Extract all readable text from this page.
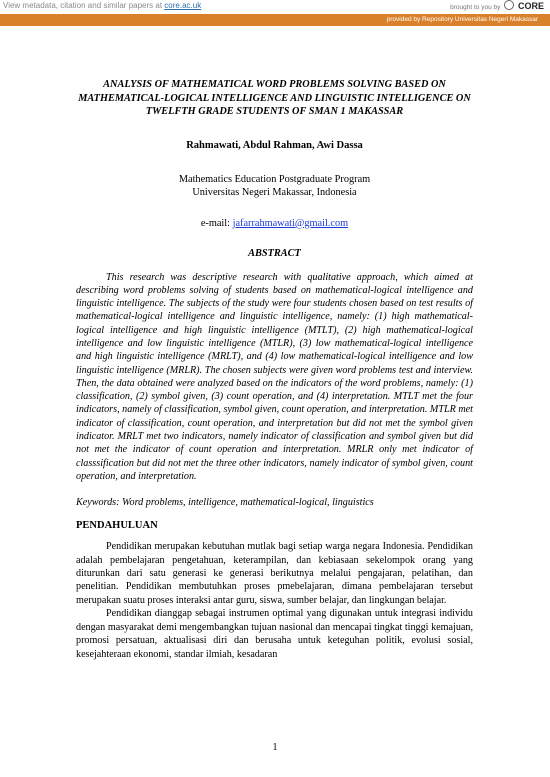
View metadata, citation and similar papers at core.ac.uk	brought to you by CORE
provided by Repository Universitas Negeri Makassar

ANALYSIS OF MATHEMATICAL WORD PROBLEMS SOLVING BASED ON MATHEMATICAL-LOGICAL INTELLIGENCE AND LINGUISTIC INTELLIGENCE ON TWELFTH GRADE STUDENTS OF SMAN 1 MAKASSAR

Rahmawati, Abdul Rahman, Awi Dassa
Mathematics Education Postgraduate Program
Universitas Negeri Makassar, Indonesia
e-mail: jafarrahmawati@gmail.com
ABSTRACT
This research was descriptive research with qualitative approach, which aimed at describing word problems solving of students based on mathematical-logical intelligence and linguistic intelligence. The subjects of the study were four students chosen based on test results of mathematical-logical intelligence and linguistic intelligence, namely: (1) high mathematical-logical intelligence and high linguistic intelligence (MTLT), (2) high mathematical-logical intelligence and low linguistic intelligence (MTLR), (3) low mathematical-logical intelligence and high linguistic intelligence (MRLT), and (4) low mathematical-logical intelligence and low linguistic intelligence (MRLR). The chosen subjects were given word problems test and interview. Then, the data obtained were analyzed based on the indicators of the word problems, namely: (1) classification, (2) symbol given, (3) count operation, and (4) interpretation. MTLT met the four indicators, namely of classification, symbol given, count operation, and interpretation. MTLR met indicator of classification, count operation, and interpretation but did not met the symbol given indicator. MRLT met two indicators, namely indicator of classification and symbol given but did not met the indicator of count operation and interpretation. MRLR only met indicator of classsification but did not met the three other indicators, namely indicator of symbol given, count operation, and interpretation.
Keywords: Word problems, intelligence, mathematical-logical, linguistics
PENDAHULUAN
Pendidikan merupakan kebutuhan mutlak bagi setiap warga negara Indonesia. Pendidikan adalah pembelajaran pengetahuan, keterampilan, dan kebiasaan sekelompok orang yang diturunkan dari satu generasi ke generasi berikutnya melalui pengajaran, pelatihan, dan penelitian. Pendidikan membutuhkan proses pmebelajaran, dimana pembelajaran tersebut merupakan suatu proses interaksi antar guru, siswa, sumber belajar, dan lingkungan belajar.
Pendidikan dianggap sebagai instrumen optimal yang digunakan untuk integrasi individu dengan masyarakat demi mengembangkan tujuan nasional dan mencapai tingkat tinggi kemajuan, promosi persatuan, aktualisasi diri dan berusaha untuk keteguhan politik, evolusi sosial, kesejahteraan ekonomi, standar ilmiah, kesadaran
1
